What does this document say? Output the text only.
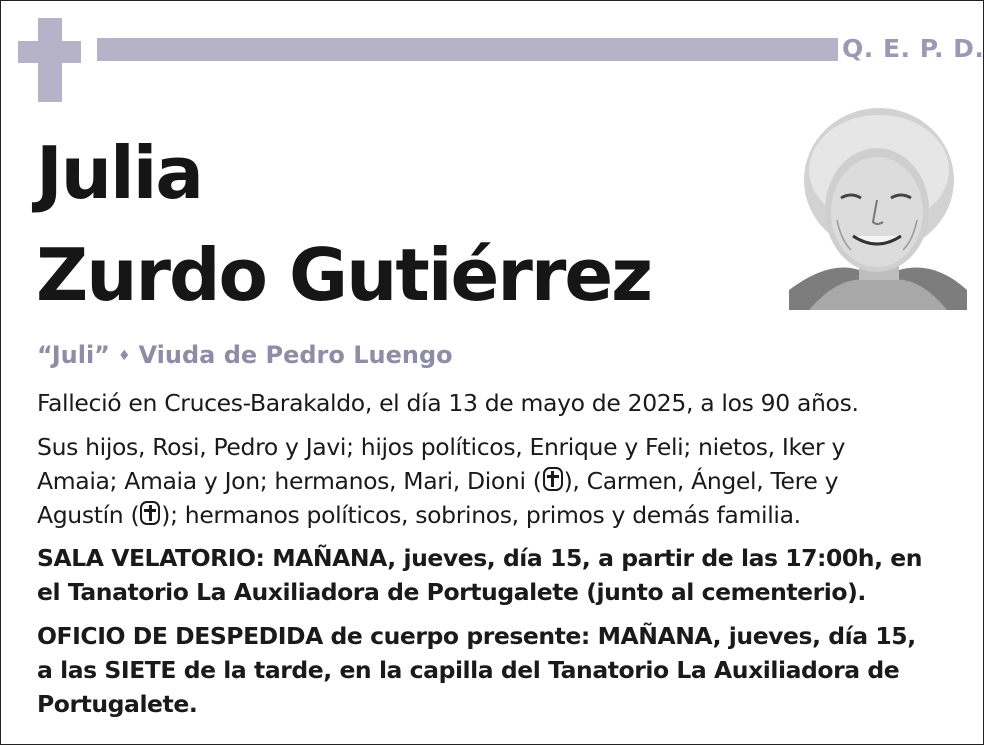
Q. E. P. D.
Julia
Zurdo Gutiérrez
“Juli” ♦ Viuda de Pedro Luengo

Falleció en Cruces-Barakaldo, el día 13 de mayo de 2025, a los 90 años.

Sus hijos, Rosi, Pedro y Javi; hijos políticos, Enrique y Feli; nietos, Iker y
Amaia; Amaia y Jon; hermanos, Mari, Dioni ( ), Carmen, Ángel, Tere y
Agustín ( ); hermanos políticos, sobrinos, primos y demás familia.

SALA VELATORIO: MAÑANA, jueves, día 15, a partir de las 17:00h, en
el Tanatorio La Auxiliadora de Portugalete (junto al cementerio).

OFICIO DE DESPEDIDA de cuerpo presente: MAÑANA, jueves, día 15,
a las SIETE de la tarde, en la capilla del Tanatorio La Auxiliadora de
Portugalete.
